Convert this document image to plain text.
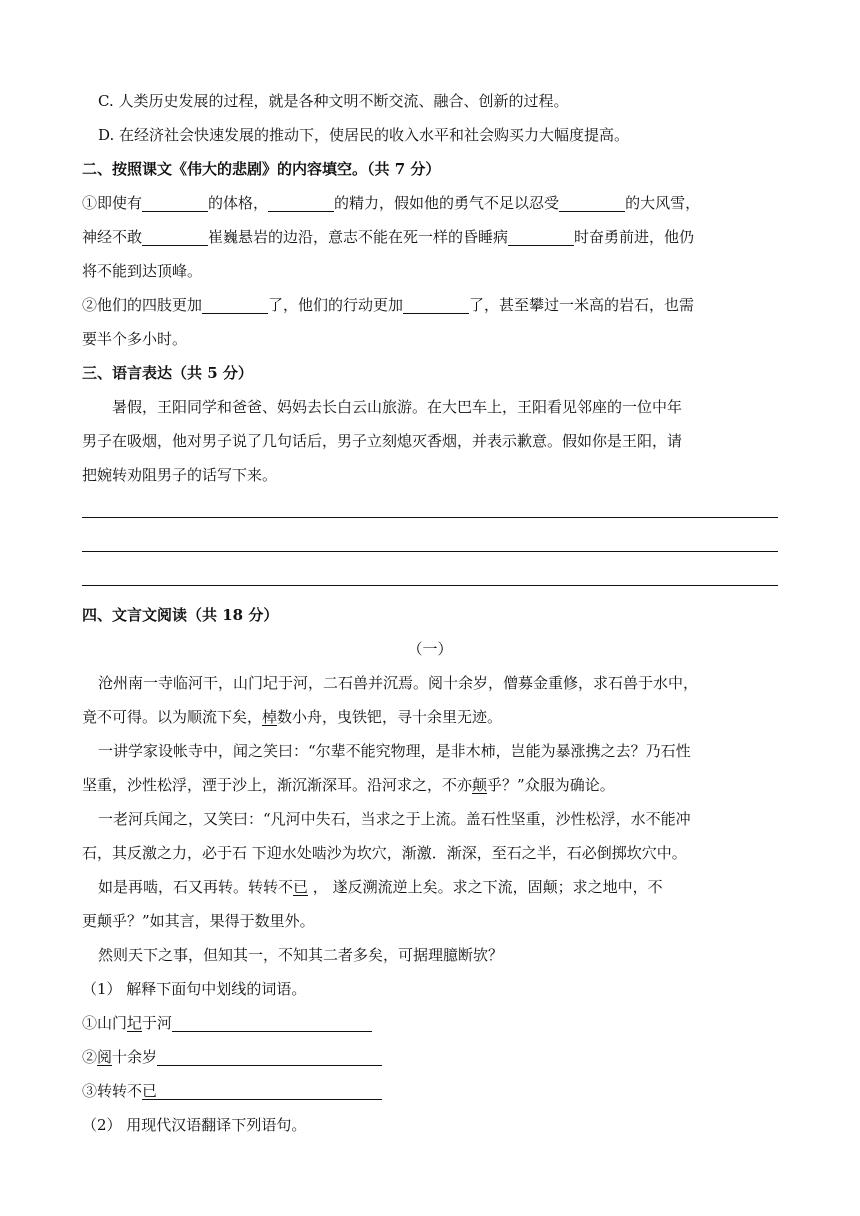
C. 人类历史发展的过程，就是各种文明不断交流、融合、创新的过程。
D. 在经济社会快速发展的推动下，使居民的收入水平和社会购买力大幅度提高。
二、按照课文《伟大的悲剧》的内容填空。（共 7 分）
①即使有	的体格，	的精力，假如他的勇气不足以忍受	的大风雪，
神经不敢	崔巍悬岩的边沿，意志不能在死一样的昏睡病	时奋勇前进，他仍
将不能到达顶峰。
②他们的四肢更加	了，他们的行动更加	了，甚至攀过一米高的岩石，也需
要半个多小时。
三、语言表达（共 5 分）
暑假，王阳同学和爸爸、妈妈去长白云山旅游。在大巴车上，王阳看见邻座的一位中年
男子在吸烟，他对男子说了几句话后，男子立刻熄灭香烟，并表示歉意。假如你是王阳，请
把婉转劝阻男子的话写下来。
四、文言文阅读（共 18 分）
（一）
沧州南一寺临河干，山门圮于河，二石兽并沉焉。阅十余岁，僧募金重修，求石兽于水中，
竟不可得。以为顺流下矣，棹数小舟，曳铁钯，寻十余里无迹。
一讲学家设帐寺中，闻之笑曰：“尔辈不能究物理，是非木柿，岂能为暴涨携之去？乃石性
坚重，沙性松浮，湮于沙上，渐沉渐深耳。沿河求之，不亦颠乎？”众服为确论。
一老河兵闻之，又笑曰：“凡河中失石，当求之于上流。盖石性坚重，沙性松浮，水不能冲
石，其反激之力，必于石 下迎水处啮沙为坎穴，渐激．渐深，至石之半，石必倒掷坎穴中。
如是再啮，石又再转。转转不已 ， 遂反溯流逆上矣。求之下流，固颠；求之地中，不
更颠乎？”如其言，果得于数里外。
然则天下之事，但知其一，不知其二者多矣，可据理臆断欤？
（1） 解释下面句中划线的词语。
①山门圮于河
②阅十余岁
③转转不已
（2） 用现代汉语翻译下列语句。
